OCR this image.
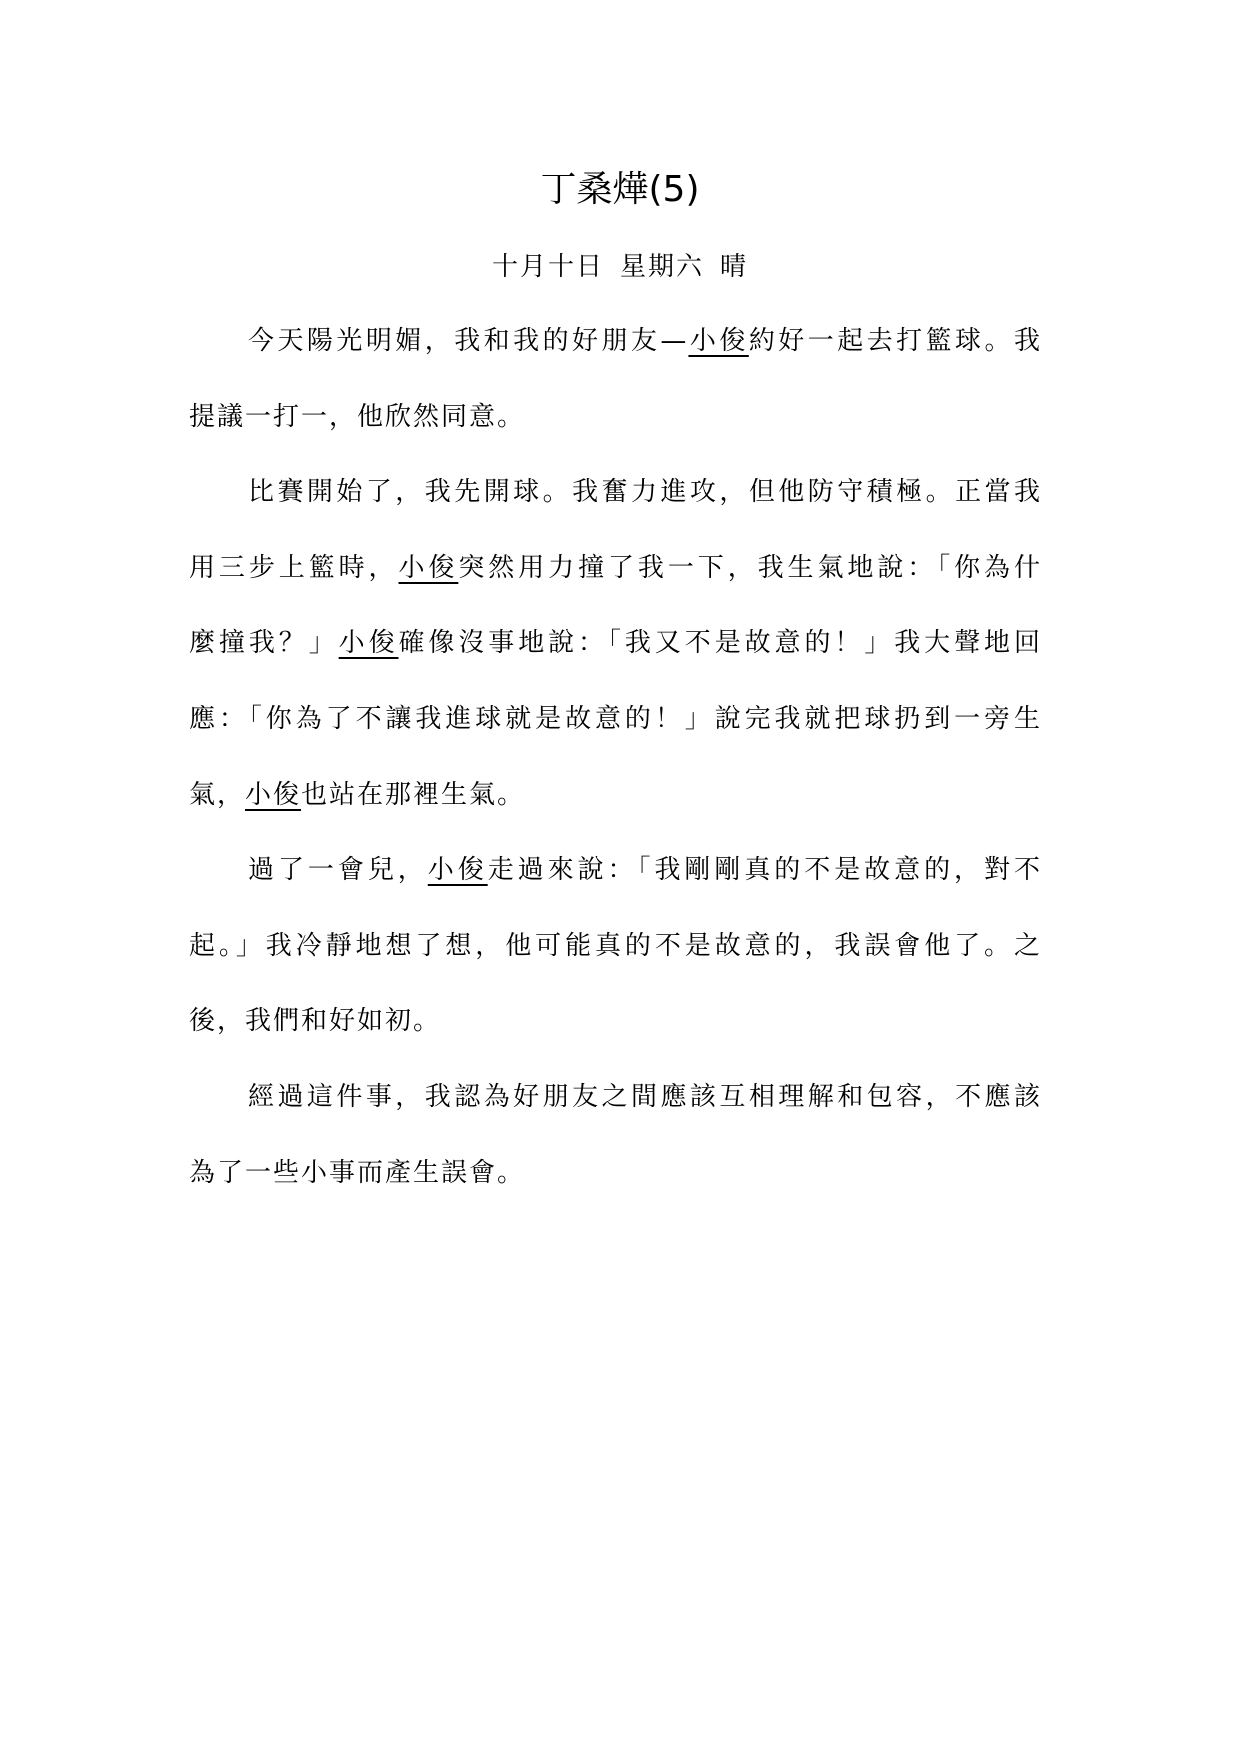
丁桑燁(5)
十月十日 星期六 晴
今天陽光明媚，我和我的好朋友—小俊約好一起去打籃球。我
提議一打一，他欣然同意。
比賽開始了，我先開球。我奮力進攻，但他防守積極。正當我
用三步上籃時，小俊突然用力撞了我一下，我生氣地說：「你為什
麼撞我？」小俊確像沒事地說：「我又不是故意的！」我大聲地回
應：「你為了不讓我進球就是故意的！」說完我就把球扔到一旁生
氣，小俊也站在那裡生氣。
過了一會兒，小俊走過來說：「我剛剛真的不是故意的，對不
起。」我冷靜地想了想，他可能真的不是故意的，我誤會他了。之
後，我們和好如初。
經過這件事，我認為好朋友之間應該互相理解和包容，不應該
為了一些小事而產生誤會。
